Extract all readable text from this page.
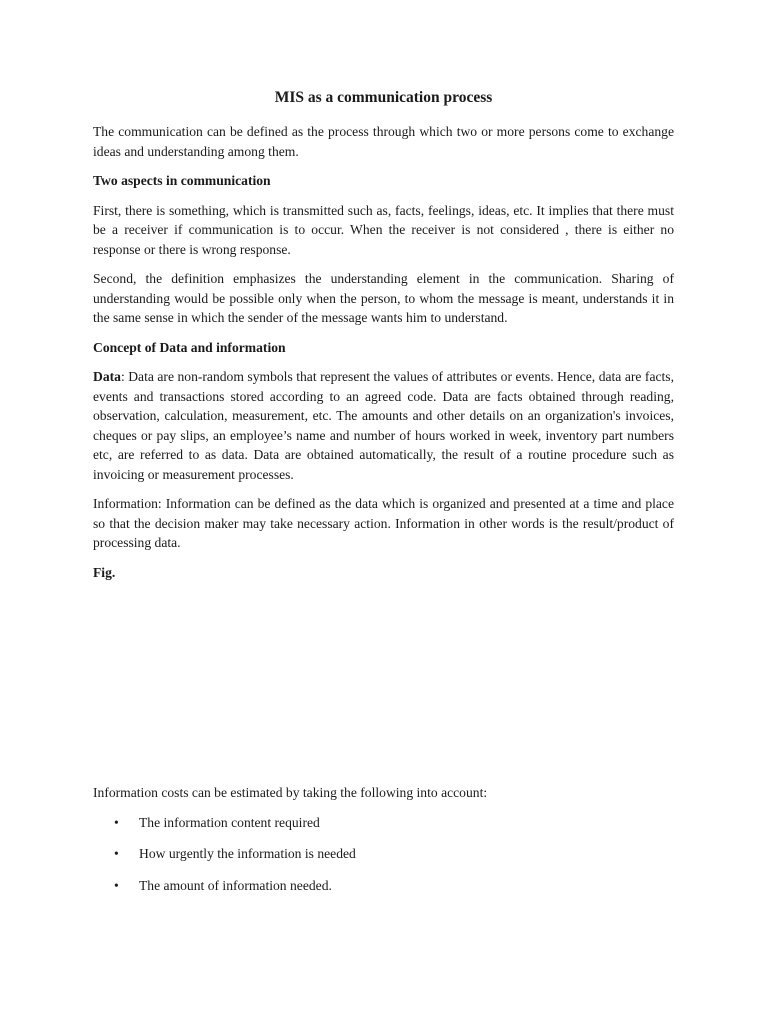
MIS as a communication process

The communication can be defined as the process through which two or more persons come to exchange ideas and understanding among them.

Two aspects in communication

First, there is something, which is transmitted such as, facts, feelings, ideas, etc. It implies that there must be a receiver if communication is to occur. When the receiver is not considered , there is either no response or there is wrong response.

Second, the definition emphasizes the understanding element in the communication. Sharing of understanding would be possible only when the person, to whom the message is meant, understands it in the same sense in which the sender of the message wants him to understand.

Concept of Data and information

Data: Data are non-random symbols that represent the values of attributes or events. Hence, data are facts, events and transactions stored according to an agreed code. Data are facts obtained through reading, observation, calculation, measurement, etc. The amounts and other details on an organization's invoices, cheques or pay slips, an employee’s name and number of hours worked in week, inventory part numbers etc, are referred to as data. Data are obtained automatically, the result of a routine procedure such as invoicing or measurement processes.

Information: Information can be defined as the data which is organized and presented at a time and place so that the decision maker may take necessary action. Information in other words is the result/product of processing data.

Fig.

Information costs can be estimated by taking the following into account:

• The information content required
• How urgently the information is needed
• The amount of information needed.
